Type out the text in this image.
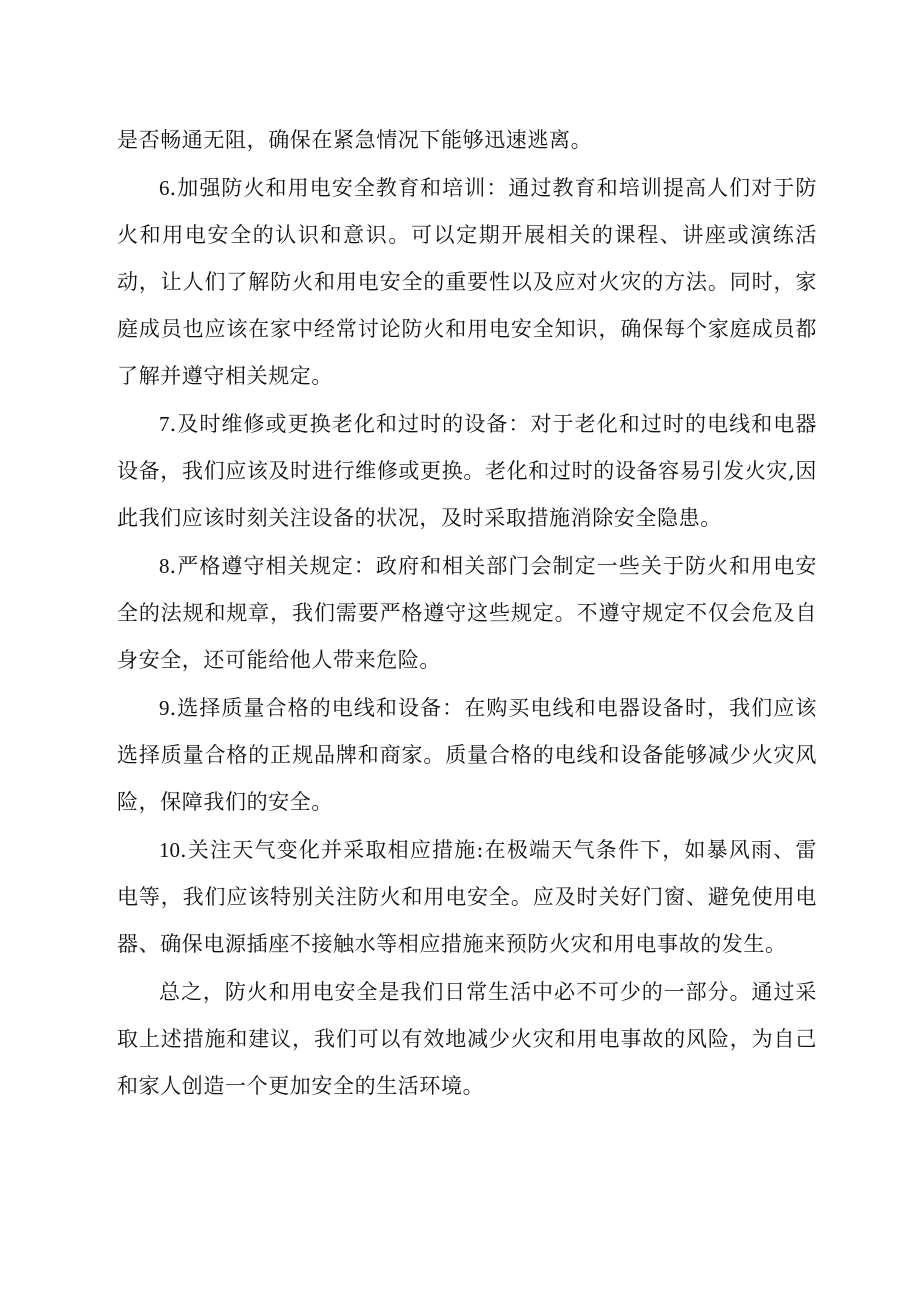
是否畅通无阻，确保在紧急情况下能够迅速逃离。

6.加强防火和用电安全教育和培训：通过教育和培训提高人们对于防火和用电安全的认识和意识。可以定期开展相关的课程、讲座或演练活动，让人们了解防火和用电安全的重要性以及应对火灾的方法。同时，家庭成员也应该在家中经常讨论防火和用电安全知识，确保每个家庭成员都了解并遵守相关规定。

7.及时维修或更换老化和过时的设备：对于老化和过时的电线和电器设备，我们应该及时进行维修或更换。老化和过时的设备容易引发火灾,因此我们应该时刻关注设备的状况，及时采取措施消除安全隐患。

8.严格遵守相关规定：政府和相关部门会制定一些关于防火和用电安全的法规和规章，我们需要严格遵守这些规定。不遵守规定不仅会危及自身安全，还可能给他人带来危险。

9.选择质量合格的电线和设备：在购买电线和电器设备时，我们应该选择质量合格的正规品牌和商家。质量合格的电线和设备能够减少火灾风险，保障我们的安全。

10.关注天气变化并采取相应措施:在极端天气条件下，如暴风雨、雷电等，我们应该特别关注防火和用电安全。应及时关好门窗、避免使用电器、确保电源插座不接触水等相应措施来预防火灾和用电事故的发生。

总之，防火和用电安全是我们日常生活中必不可少的一部分。通过采取上述措施和建议，我们可以有效地减少火灾和用电事故的风险，为自己和家人创造一个更加安全的生活环境。
